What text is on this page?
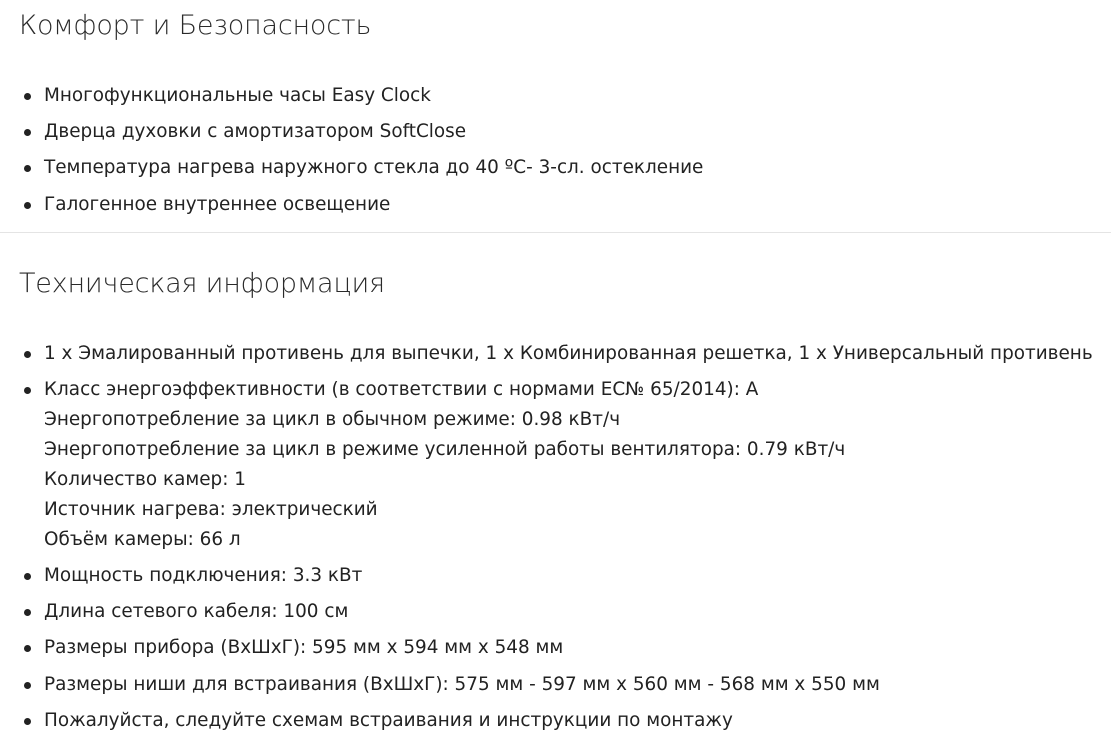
Комфорт и Безопасность
Многофункциональные часы Easy Clock
Дверца духовки с амортизатором SoftClose
Температура нагрева наружного стекла до 40 ºC- 3-сл. остекление
Галогенное внутреннее освещение
Техническая информация
1 x Эмалированный противень для выпечки, 1 x Комбинированная решетка, 1 x Универсальный противень
Класс энергоэффективности (в соответствии с нормами EC№ 65/2014): A
Энергопотребление за цикл в обычном режиме: 0.98 кВт/ч
Энергопотребление за цикл в режиме усиленной работы вентилятора: 0.79 кВт/ч
Количество камер: 1
Источник нагрева: электрический
Объём камеры: 66 л
Мощность подключения: 3.3 кВт
Длина сетевого кабеля: 100 см
Размеры прибора (ВхШхГ): 595 мм x 594 мм x 548 мм
Размеры ниши для встраивания (ВхШхГ): 575 мм - 597 мм x 560 мм - 568 мм x 550 мм
Пожалуйста, следуйте схемам встраивания и инструкции по монтажу
